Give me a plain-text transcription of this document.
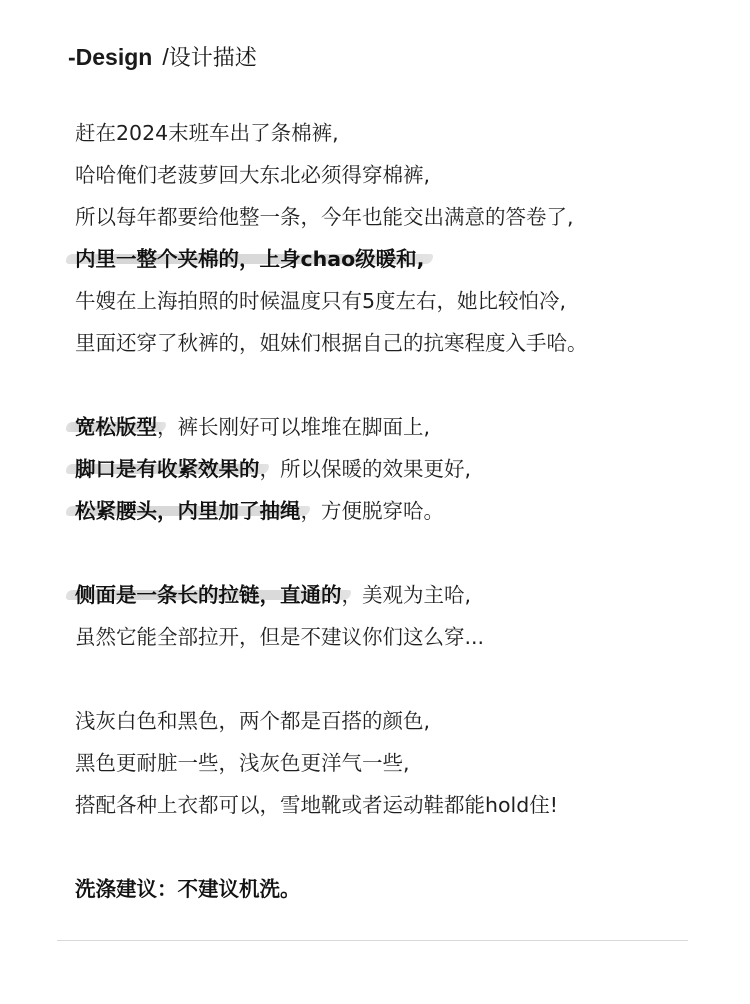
-Design /设计描述
赶在2024末班车出了条棉裤,
哈哈俺们老菠萝回大东北必须得穿棉裤,
所以每年都要给他整一条，今年也能交出满意的答卷了,
内里一整个夹棉的，上身chao级暖和,
牛嫂在上海拍照的时候温度只有5度左右，她比较怕冷,
里面还穿了秋裤的，姐妹们根据自己的抗寒程度入手哈。
宽松版型，裤长刚好可以堆堆在脚面上,
脚口是有收紧效果的，所以保暖的效果更好,
松紧腰头，内里加了抽绳，方便脱穿哈。
侧面是一条长的拉链，直通的，美观为主哈,
虽然它能全部拉开，但是不建议你们这么穿...
浅灰白色和黑色，两个都是百搭的颜色,
黑色更耐脏一些，浅灰色更洋气一些,
搭配各种上衣都可以，雪地靴或者运动鞋都能hold住!
洗涤建议：不建议机洗。
